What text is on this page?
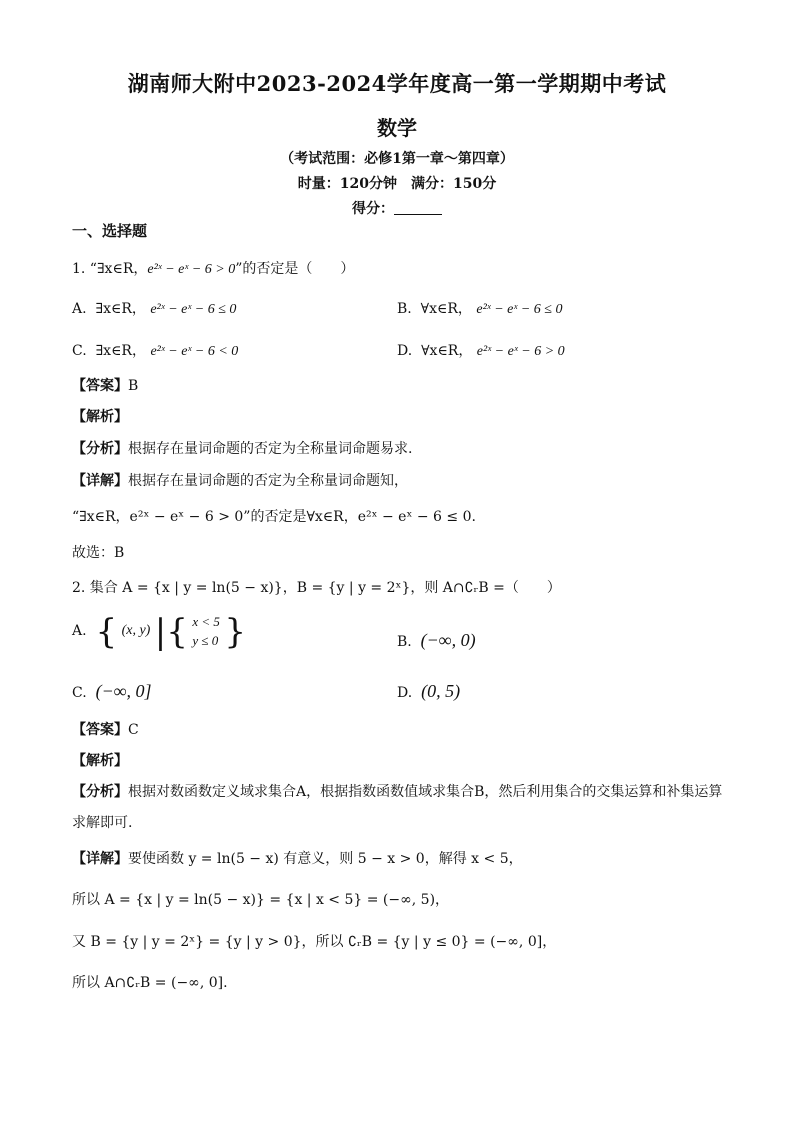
湖南师大附中2023-2024学年度高一第一学期期中考试
数学
（考试范围：必修1第一章～第四章）
时量：120分钟　满分：150分
得分：
一、选择题
1. “∃x∈R，e²ˣ − eˣ − 6 > 0”的否定是（　　）
A. ∃x∈R， e²ˣ − eˣ − 6 ≤ 0	B. ∀x∈R， e²ˣ − eˣ − 6 ≤ 0
C. ∃x∈R， e²ˣ − eˣ − 6 < 0	D. ∀x∈R， e²ˣ − eˣ − 6 > 0
【答案】B
【解析】
【分析】根据存在量词命题的否定为全称量词命题易求.
【详解】根据存在量词命题的否定为全称量词命题知，
“∃x∈R，e²ˣ − eˣ − 6 > 0”的否定是∀x∈R，e²ˣ − eˣ − 6 ≤ 0.
故选：B
2. 集合 A = {x | y = ln(5 − x)}，B = {y | y = 2ˣ}，则 A∩∁ᵣB =（　　）
A. { (x, y) |{ x < 5
y ≤ 0 }	B. (−∞, 0)
C. (−∞, 0]	D. (0, 5)
【答案】C
【解析】
【分析】根据对数函数定义域求集合A，根据指数函数值域求集合B，然后利用集合的交集运算和补集运算
求解即可.
【详解】要使函数 y = ln(5 − x) 有意义，则 5 − x > 0，解得 x < 5，
所以 A = {x | y = ln(5 − x)} = {x | x < 5} = (−∞, 5)，
又 B = {y | y = 2ˣ} = {y | y > 0}，所以 ∁ᵣB = {y | y ≤ 0} = (−∞, 0]，
所以 A∩∁ᵣB = (−∞, 0].
